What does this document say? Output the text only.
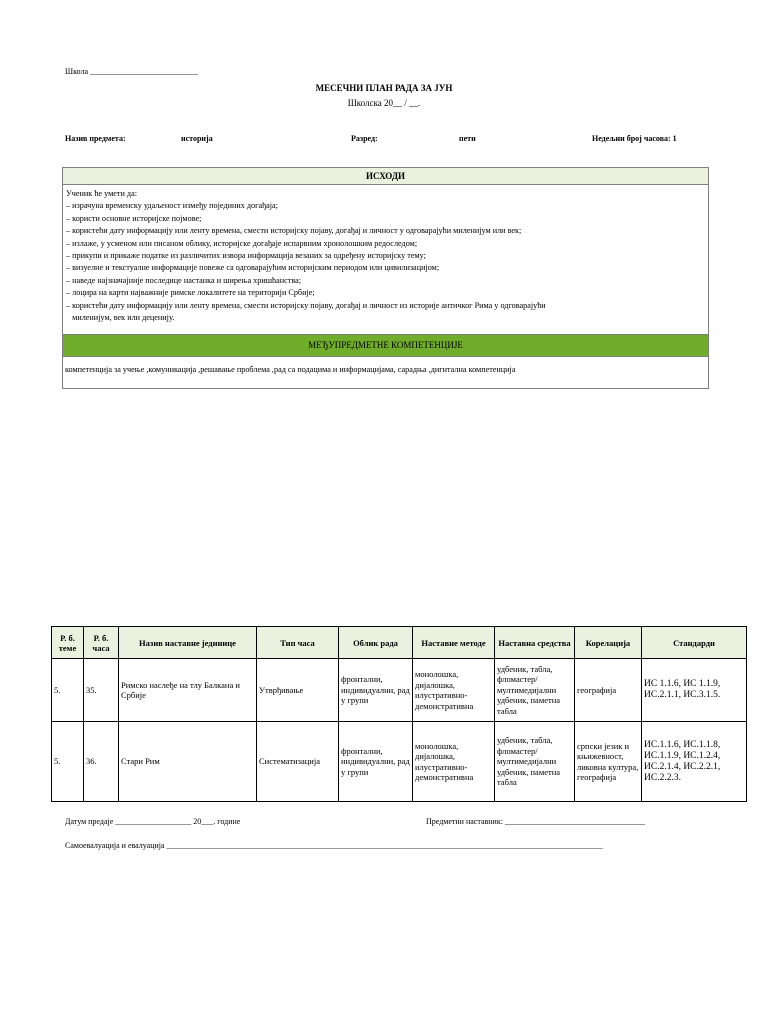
Школа ___________________________
МЕСЕЧНИ ПЛАН РАДА ЗА ЈУН
Школска 20__ / __.
Назив предмета:	историја	Разред:	пети	Недељни број часова: 1
ИСХОДИ
Ученик ће умети да:
– израчуна временску удаљеност између појединих догађаја;
– користи основне историјске појмове;
– користећи дату информацију или ленту времена, смести историјску појаву, догађај и личност у одговарајући миленијум или век;
– излаже, у усменом или писаном облику, историјске догађаје испарвним хронолошким редоследом;
– прикупи и прикаже податке из различитих извора информација везаних за одређену историјску тему;
– визуелне и текстуалне информације повеже са одговарајућим историјским периодом или цивилизацијом;
– наведе најзначајније последице настанка и ширења хришћанства;
– лоцира на карти најважније римске локалитете на територији Србије;
– користећи дату информацију или ленту времена, смести историјску појаву, догађај и личност из историје античког Рима у одговарајући
миленијум, век или деценију.
МЕЂУПРЕДМЕТНЕ КОМПЕТЕНЦИЈЕ
компетенција за учење ,комуникација ,решавање проблема ,рад са подацима и информацијама, сарадња ,дигитална компетенција
Р. б. теме	Р. б. часа	Назив наставне јединице	Тип часа	Облик рада	Наставне методе	Наставна средства	Корелација	Стандарди
5.	35.	Римско наслеђе на тлу Балкана и Србије	Утврђивање	фронтални, индивидуални, рад у групи	монолошка, дијалошка, илустративно-демонстративна	удбеник, табла, фломастер/ мултимедијални удбеник, паметна табла	географија	ИС 1.1.6, ИС 1.1.9, ИС.2.1.1, ИС.3.1.5.
5.	36.	Стари Рим	Систематизација	фронтални, индивидуални, рад у групи	монолошка, дијалошка, илустративно-демонстративна	удбеник, табла, фломастер/ мултимедијални удбеник, паметна табла	српски језик и књижевност, ликовна култура, географија	ИС.1.1.6, ИС.1.1.8, ИС.1.1.9, ИС.1.2.4, ИС.2.1.4, ИС.2.2.1, ИС.2.2.3.
Датум предаје ___________________ 20___. године	Предметни наставник: ___________________________________
Самоевалуација и евалуација _____________________________________________________________________________________________________________
